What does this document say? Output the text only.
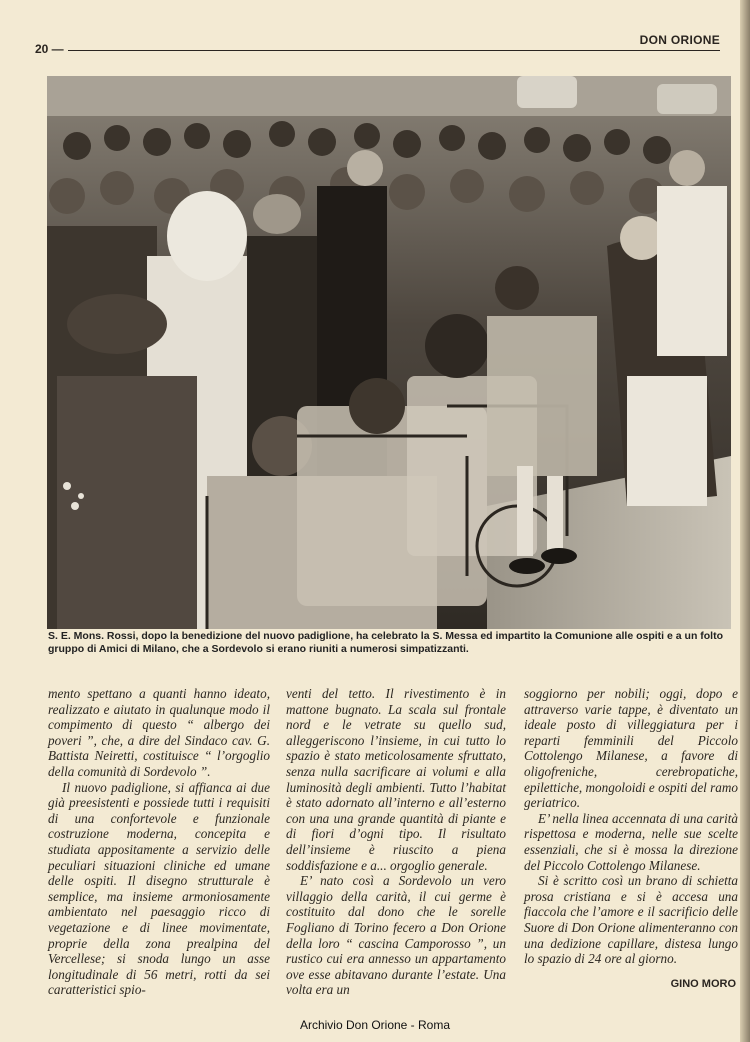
20 —
DON ORIONE
S. E. Mons. Rossi, dopo la benedizione del nuovo padiglione, ha celebrato la S. Messa ed impartito la Comunione alle ospiti e a un folto gruppo di Amici di Milano, che a Sordevolo si erano riuniti a numerosi simpatizzanti.

mento spettano a quanti hanno ideato, realizzato e aiutato in qualunque modo il compimento di questo “ albergo dei poveri ”, che, a dire del Sindaco cav. G. Battista Neiretti, costituisce “ l’orgoglio della comunità di Sordevolo ”.

Il nuovo padiglione, si affianca ai due già preesistenti e possiede tutti i requisiti di una confortevole e funzionale costruzione moderna, concepita e studiata appositamente a servizio delle peculiari situazioni cliniche ed umane delle ospiti. Il disegno strutturale è semplice, ma insieme armoniosamente ambientato nel paesaggio ricco di vegetazione e di linee movimentate, proprie della zona prealpina del Vercellese; si snoda lungo un asse longitudinale di 56 metri, rotti da sei caratteristici spio-

venti del tetto. Il rivestimento è in mattone bugnato. La scala sul frontale nord e le vetrate su quello sud, alleggeriscono l’insieme, in cui tutto lo spazio è stato meticolosamente sfruttato, senza nulla sacrificare ai volumi e alla luminosità degli ambienti. Tutto l’habitat è stato adornato all’interno e all’esterno con una una grande quantità di piante e di fiori d’ogni tipo. Il risultato dell’insieme è riuscito a piena soddisfazione e a... orgoglio generale.

E’ nato così a Sordevolo un vero villaggio della carità, il cui germe è costituito dal dono che le sorelle Fogliano di Torino fecero a Don Orione della loro “ cascina Camporosso ”, un rustico cui era annesso un appartamento ove esse abitavano durante l’estate. Una volta era un

soggiorno per nobili; oggi, dopo e attraverso varie tappe, è diventato un ideale posto di villeggiatura per i reparti femminili del Piccolo Cottolengo Milanese, a favore di oligofreniche, cerebropatiche, epilettiche, mongoloidi e ospiti del ramo geriatrico.

E’ nella linea accennata di una carità rispettosa e moderna, nelle sue scelte essenziali, che si è mossa la direzione del Piccolo Cottolengo Milanese.

Si è scritto così un brano di schietta prosa cristiana e si è accesa una fiaccola che l’amore e il sacrificio delle Suore di Don Orione alimenteranno con una dedizione capillare, distesa lungo lo spazio di 24 ore al giorno.

GINO MORO
Archivio Don Orione - Roma
